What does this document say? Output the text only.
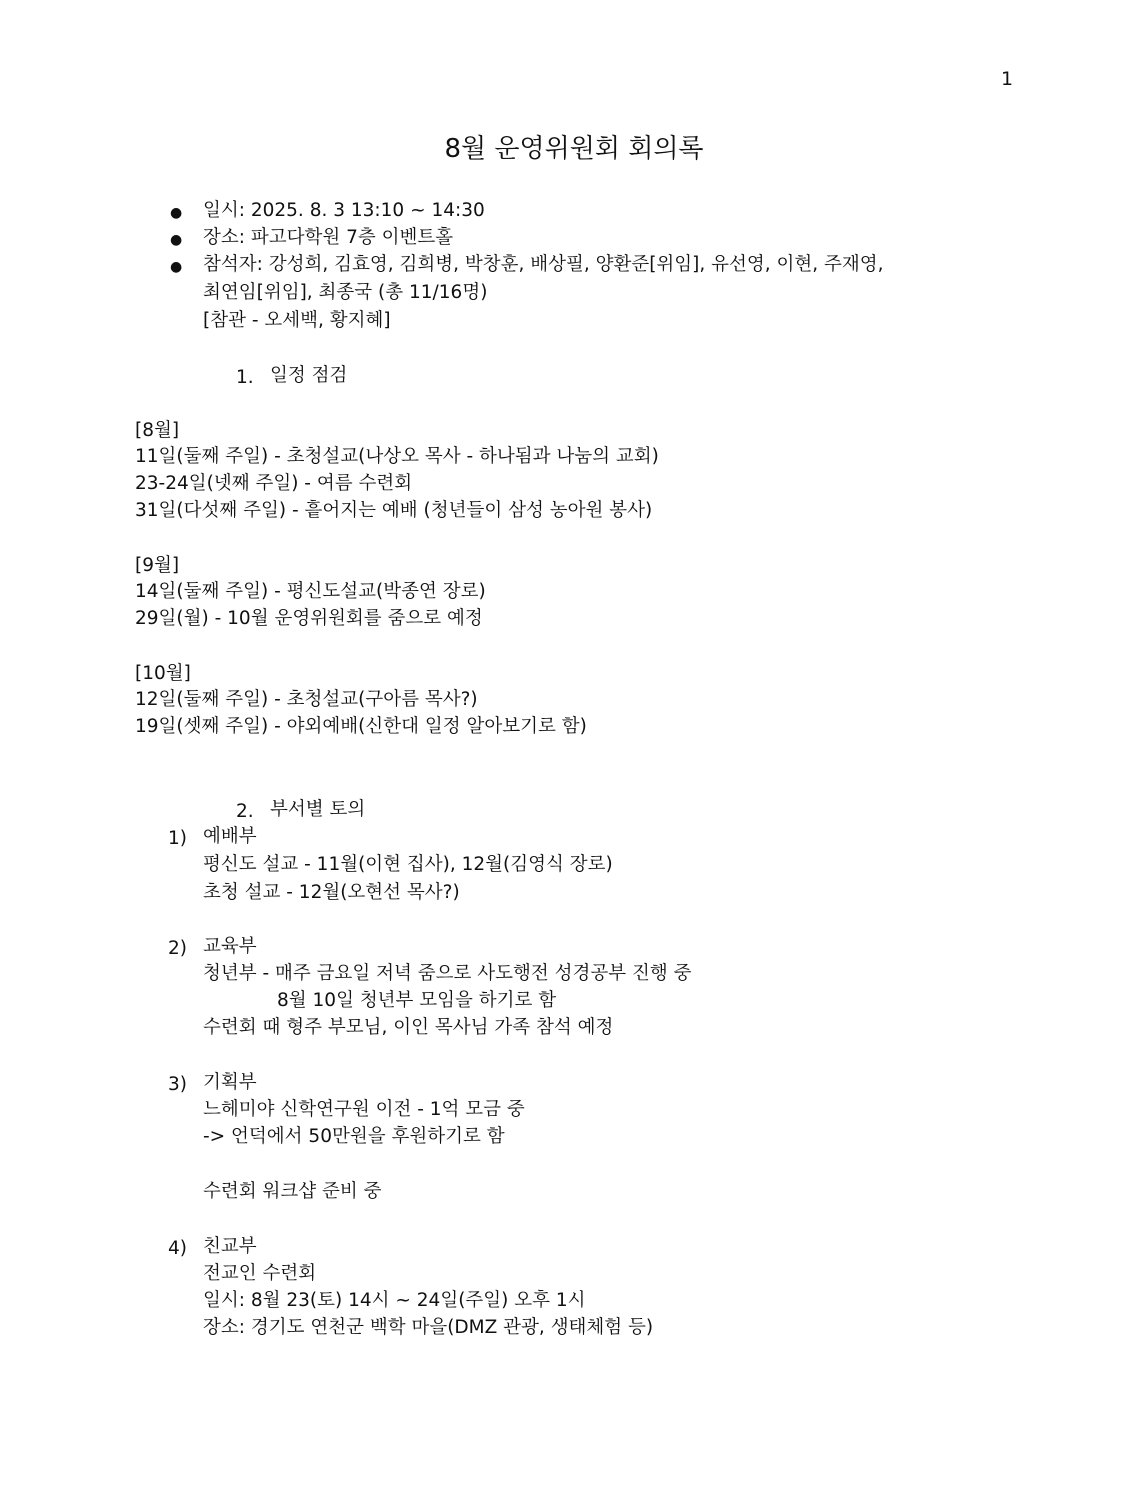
1
8월 운영위원회 회의록
● 일시: 2025. 8. 3 13:10 ~ 14:30
● 장소: 파고다학원 7층 이벤트홀
● 참석자: 강성희, 김효영, 김희병, 박창훈, 배상필, 양환준[위임], 유선영, 이현, 주재영,
최연임[위임], 최종국 (총 11/16명)
[참관 - 오세백, 황지혜]
1. 일정 점검
[8월]
11일(둘째 주일) - 초청설교(나상오 목사 - 하나됨과 나눔의 교회)
23-24일(넷째 주일) - 여름 수련회
31일(다섯째 주일) - 흩어지는 예배 (청년들이 삼성 농아원 봉사)
[9월]
14일(둘째 주일) - 평신도설교(박종연 장로)
29일(월) - 10월 운영위원회를 줌으로 예정
[10월]
12일(둘째 주일) - 초청설교(구아름 목사?)
19일(셋째 주일) - 야외예배(신한대 일정 알아보기로 함)
2. 부서별 토의
1) 예배부
평신도 설교 - 11월(이현 집사), 12월(김영식 장로)
초청 설교 - 12월(오현선 목사?)
2) 교육부
청년부 - 매주 금요일 저녁 줌으로 사도행전 성경공부 진행 중
8월 10일 청년부 모임을 하기로 함
수련회 때 형주 부모님, 이인 목사님 가족 참석 예정
3) 기획부
느헤미야 신학연구원 이전 - 1억 모금 중
-> 언덕에서 50만원을 후원하기로 함
수련회 워크샵 준비 중
4) 친교부
전교인 수련회
일시: 8월 23(토) 14시 ~ 24일(주일) 오후 1시
장소: 경기도 연천군 백학 마을(DMZ 관광, 생태체험 등)
